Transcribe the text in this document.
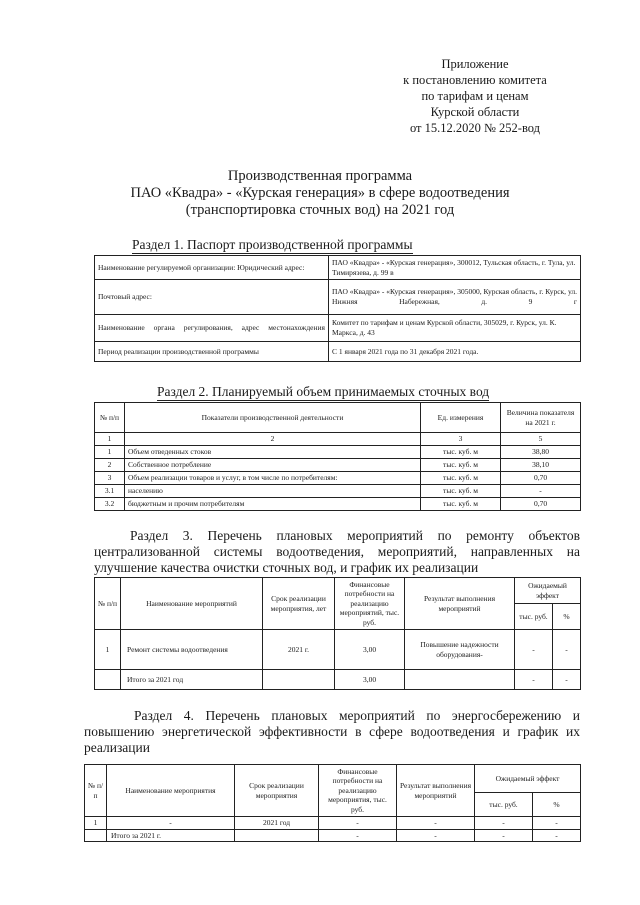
Приложение
к постановлению комитета
по тарифам и ценам
Курской области
от 15.12.2020 № 252-вод
Производственная программа
ПАО «Квадра» - «Курская генерация» в сфере водоотведения
(транспортировка сточных вод) на 2021 год
Раздел 1. Паспорт производственной программы
Наименование регулируемой организации: Юридический адрес:	ПАО «Квадра» - «Курская генерация», 300012, Тульская область, г. Тула, ул. Тимирязева, д. 99 в
Почтовый адрес:	ПАО «Квадра» - «Курская генерация», 305000, Курская область, г. Курск, ул. Нижняя Набережная, д. 9 г
Наименование органа регулирования, адрес местонахождения	Комитет по тарифам и ценам Курской области, 305029, г. Курск, ул. К. Маркса, д. 43
Период реализации производственной программы	С 1 января 2021 года по 31 декабря 2021 года.
Раздел 2. Планируемый объем принимаемых сточных вод
№ п/п	Показатели производственной деятельности	Ед. измерения	Величина показателя на 2021 г.
1	2	3	5
1	Объем отведенных стоков	тыс. куб. м	38,80
2	Собственное потребление	тыс. куб. м	38,10
3	Объем реализации товаров и услуг, в том числе по потребителям:	тыс. куб. м	0,70
3.1	населению	тыс. куб. м	-
3.2	бюджетным и прочим потребителям	тыс. куб. м	0,70
Раздел 3. Перечень плановых мероприятий по ремонту объектов централизованной системы водоотведения, мероприятий, направленных на улучшение качества очистки сточных вод, и график их реализации
№ п/п	Наименование мероприятий	Срок реализации мероприятия, лет	Финансовые потребности на реализацию мероприятий, тыс. руб.	Результат выполнения мероприятий	Ожидаемый эффект	
					тыс. руб.	%
1	Ремонт системы водоотведения	2021 г.	3,00	Повышение надежности оборудования-	-	-
	Итого за 2021 год		3,00		-	-
Раздел 4. Перечень плановых мероприятий по энергосбережению и повышению энергетической эффективности в сфере водоотведения и график их реализации
№ п/п	Наименование мероприятия	Срок реализации мероприятия	Финансовые потребности на реализацию мероприятия, тыс. руб.	Результат выполнения мероприятий	Ожидаемый эффект	
					тыс. руб.	%
1	-	2021 год	-	-	-	-
	Итого за 2021 г.		-	-	-	-
